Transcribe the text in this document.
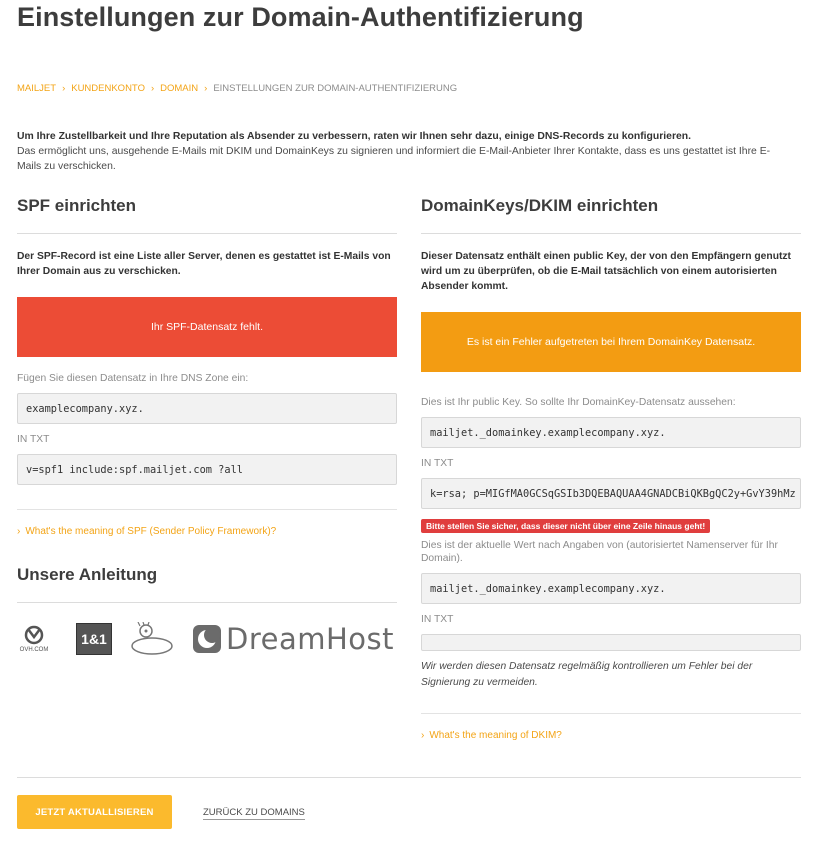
Einstellungen zur Domain-Authentifizierung
MAILJET › KUNDENKONTO › DOMAIN › EINSTELLUNGEN ZUR DOMAIN-AUTHENTIFIZIERUNG
Um Ihre Zustellbarkeit und Ihre Reputation als Absender zu verbessern, raten wir Ihnen sehr dazu, einige DNS-Records zu konfigurieren.
Das ermöglicht uns, ausgehende E-Mails mit DKIM und DomainKeys zu signieren und informiert die E-Mail-Anbieter Ihrer Kontakte, dass es uns gestattet ist Ihre E-Mails zu verschicken.
SPF einrichten

Der SPF-Record ist eine Liste aller Server, denen es gestattet ist E-Mails von Ihrer Domain aus zu verschicken.

Ihr SPF-Datensatz fehlt.
Fügen Sie diesen Datensatz in Ihre DNS Zone ein:
examplecompany.xyz.
IN TXT
v=spf1 include:spf.mailjet.com ?all
› What's the meaning of SPF (Sender Policy Framework)?
Unsere Anleitung
OVH.COM
1&1	DreamHost
DomainKeys/DKIM einrichten

Dieser Datensatz enthält einen public Key, der von den Empfängern genutzt wird um zu überprüfen, ob die E-Mail tatsächlich von einem autorisierten Absender kommt.

Es ist ein Fehler aufgetreten bei Ihrem DomainKey Datensatz.
Dies ist Ihr public Key. So sollte Ihr DomainKey-Datensatz aussehen:
mailjet._domainkey.examplecompany.xyz.
IN TXT
k=rsa; p=MIGfMA0GCSqGSIb3DQEBAQUAA4GNADCBiQKBgQC2y+GvY39hMz
Bitte stellen Sie sicher, dass dieser nicht über eine Zeile hinaus geht!
Dies ist der aktuelle Wert nach Angaben von (autorisiertet Namenserver für Ihr Domain).
mailjet._domainkey.examplecompany.xyz.
IN TXT

Wir werden diesen Datensatz regelmäßig kontrollieren um Fehler bei der Signierung zu vermeiden.

› What's the meaning of DKIM?
JETZT AKTUALLISIEREN	ZURÜCK ZU DOMAINS
